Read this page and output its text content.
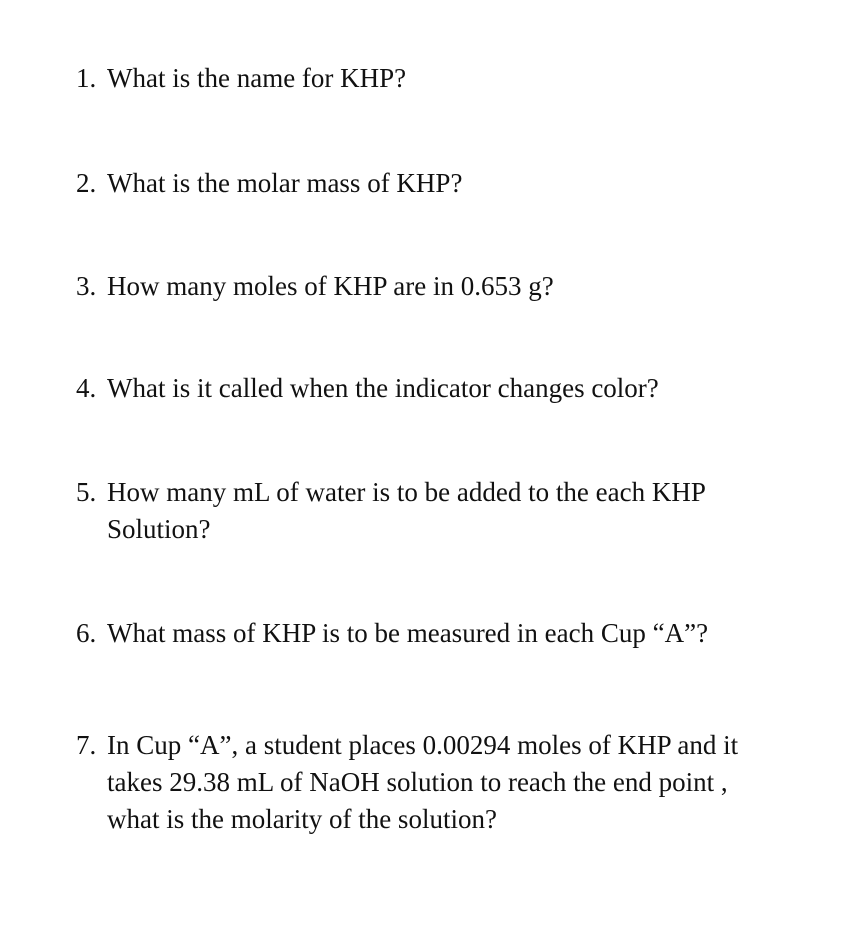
1. What is the name for KHP?
2. What is the molar mass of KHP?
3. How many moles of KHP are in 0.653 g?
4. What is it called when the indicator changes color?
5. How many mL of water is to be added to the each KHP
Solution?
6. What mass of KHP is to be measured in each Cup “A”?
7. In Cup “A”, a student places 0.00294 moles of KHP and it
takes 29.38 mL of NaOH solution to reach the end point ,
what is the molarity of the solution?
